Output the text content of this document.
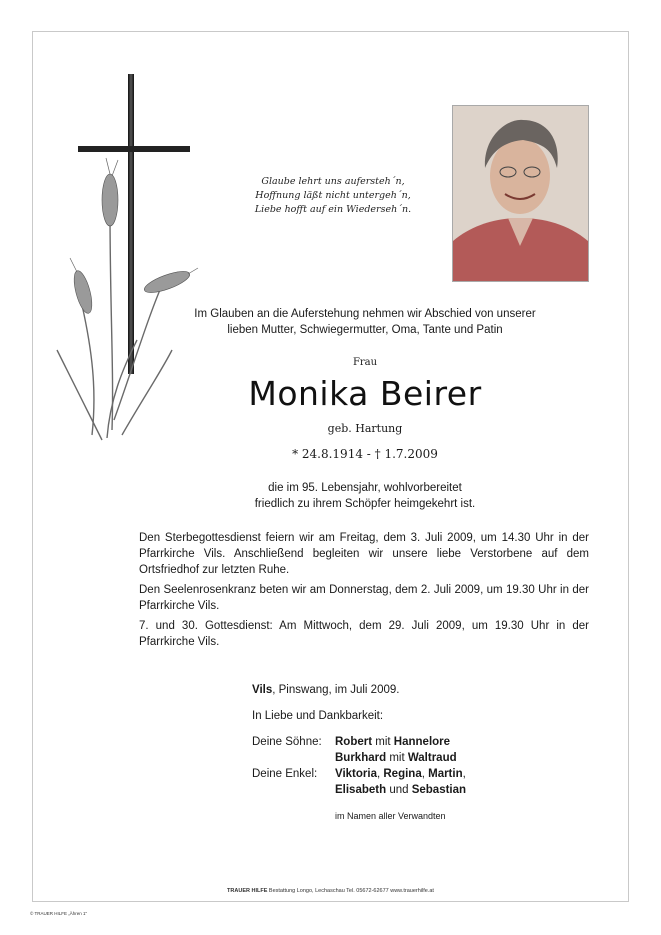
Glaube lehrt uns aufersteh´n,
Hoffnung läßt nicht untergeh´n,
Liebe hofft auf ein Wiederseh´n.
Im Glauben an die Auferstehung nehmen wir Abschied von unserer
lieben Mutter, Schwiegermutter, Oma, Tante und Patin
Frau
Monika Beirer
geb. Hartung
* 24.8.1914 - † 1.7.2009
die im 95. Lebensjahr, wohlvorbereitet
friedlich zu ihrem Schöpfer heimgekehrt ist.

Den Sterbegottesdienst feiern wir am Freitag, dem 3. Juli 2009, um 14.30 Uhr in der Pfarrkirche Vils. Anschließend begleiten wir unsere liebe Verstorbene auf dem Ortsfriedhof zur letzten Ruhe.

Den Seelenrosenkranz beten wir am Donnerstag, dem 2. Juli 2009, um 19.30 Uhr in der Pfarrkirche Vils.

7. und 30. Gottesdienst: Am Mittwoch, dem 29. Juli 2009, um 19.30 Uhr in der Pfarrkirche Vils.

Vils, Pinswang, im Juli 2009.
In Liebe und Dankbarkeit:
Deine Söhne:	Robert mit Hannelore
Burkhard mit Waltraud
Deine Enkel:	Viktoria, Regina, Martin,
Elisabeth und Sebastian
im Namen aller Verwandten
TRAUER HILFE Bestattung Longo, Lechaschau Tel. 05672-62677 www.trauerhilfe.at
© TRAUER HILFE „Ähren 1"
